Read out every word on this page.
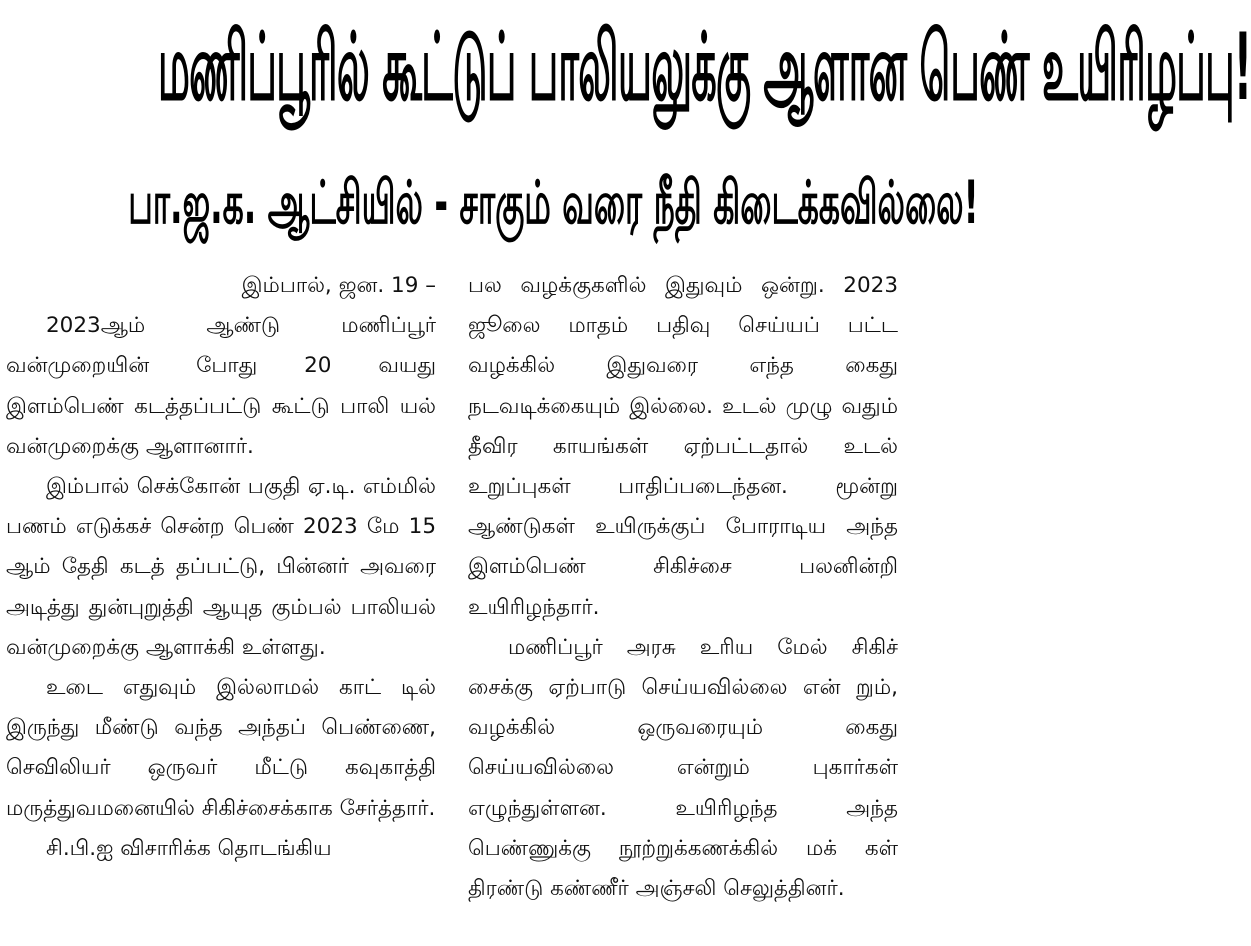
மணிப்பூரில் கூட்டுப் பாலியலுக்கு ஆளான பெண் உயிரிழப்பு!
பா.ஜ.க. ஆட்சியில் - சாகும் வரை நீதி கிடைக்கவில்லை!

இம்பால், ஜன. 19 –

2023ஆம் ஆண்டு மணிப்பூர் வன்முறையின் போது 20 வயது இளம்பெண் கடத்தப்பட்டு கூட்டு பாலி யல் வன்முறைக்கு ஆளானார்.

இம்பால் செக்கோன் பகுதி ஏ.டி. எம்மில் பணம் எடுக்கச் சென்ற பெண் 2023 மே 15 ஆம் தேதி கடத் தப்பட்டு, பின்னர் அவரை அடித்து துன்புறுத்தி ஆயுத கும்பல் பாலியல் வன்முறைக்கு ஆளாக்கி உள்ளது.

உடை எதுவும் இல்லாமல் காட் டில் இருந்து மீண்டு வந்த அந்தப் பெண்ணை, செவிலியர் ஒருவர் மீட்டு கவுகாத்தி மருத்துவமனையில் சிகிச்சைக்காக சேர்த்தார்.

சி.பி.ஐ விசாரிக்க தொடங்கிய

பல வழக்குகளில் இதுவும் ஒன்று. 2023 ஜூலை மாதம் பதிவு செய்யப் பட்ட வழக்கில் இதுவரை எந்த கைது நடவடிக்கையும் இல்லை. உடல் முழு வதும் தீவிர காயங்கள் ஏற்பட்டதால் உடல் உறுப்புகள் பாதிப்படைந்தன. மூன்று ஆண்டுகள் உயிருக்குப் போராடிய அந்த இளம்பெண் சிகிச்சை பலனின்றி உயிரிழந்தார்.

மணிப்பூர் அரசு உரிய மேல் சிகிச் சைக்கு ஏற்பாடு செய்யவில்லை என் றும், வழக்கில் ஒருவரையும் கைது செய்யவில்லை என்றும் புகார்கள் எழுந்துள்ளன. உயிரிழந்த அந்த பெண்ணுக்கு நூற்றுக்கணக்கில் மக் கள் திரண்டு கண்ணீர் அஞ்சலி செலுத்தினர்.
